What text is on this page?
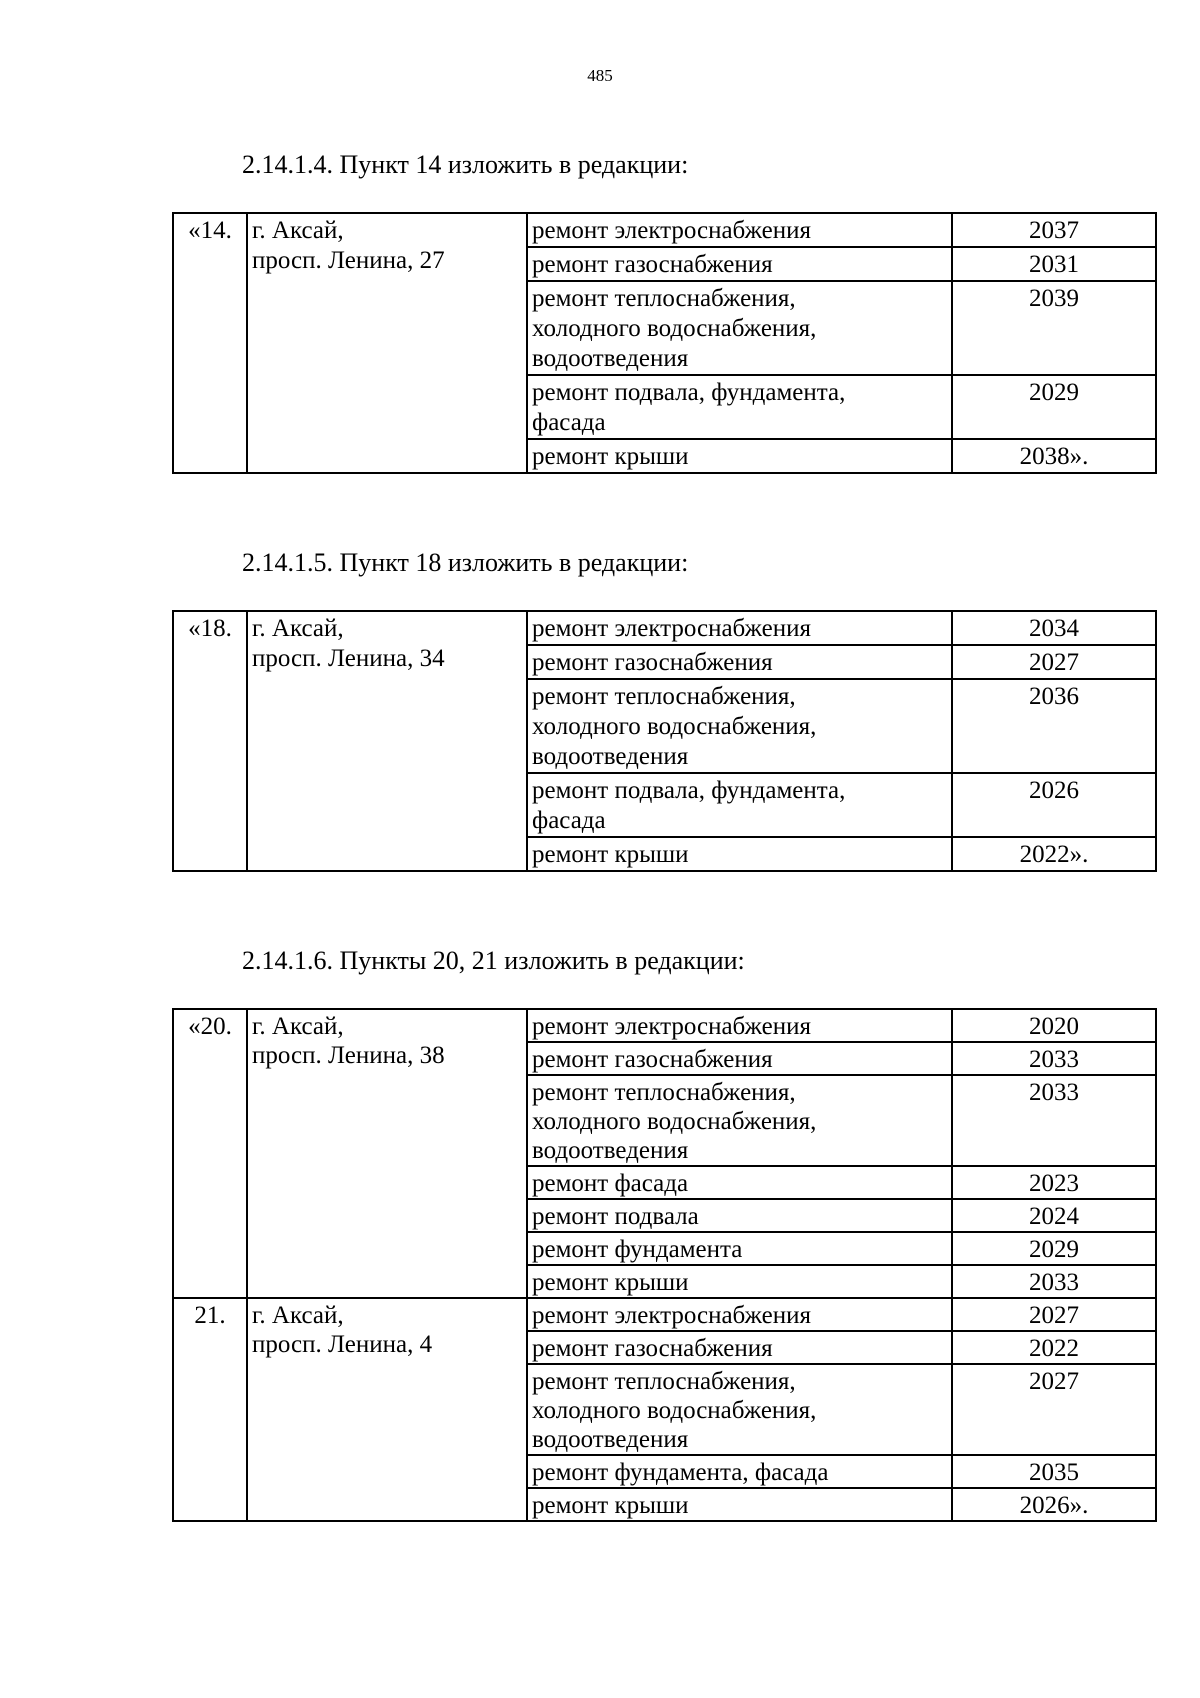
485
2.14.1.4. Пункт 14 изложить в редакции:
«14.	г. Аксай,
просп. Ленина, 27	ремонт электроснабжения	2037
		ремонт газоснабжения	2031
		ремонт теплоснабжения,
холодного водоснабжения,
водоотведения	2039
		ремонт подвала, фундамента,
фасада	2029
		ремонт крыши	2038».
2.14.1.5. Пункт 18 изложить в редакции:
«18.	г. Аксай,
просп. Ленина, 34	ремонт электроснабжения	2034
		ремонт газоснабжения	2027
		ремонт теплоснабжения,
холодного водоснабжения,
водоотведения	2036
		ремонт подвала, фундамента,
фасада	2026
		ремонт крыши	2022».
2.14.1.6. Пункты 20, 21 изложить в редакции:
«20.	г. Аксай,
просп. Ленина, 38	ремонт электроснабжения	2020
		ремонт газоснабжения	2033
		ремонт теплоснабжения,
холодного водоснабжения,
водоотведения	2033
		ремонт фасада	2023
		ремонт подвала	2024
		ремонт фундамента	2029
		ремонт крыши	2033
21.	г. Аксай,
просп. Ленина, 4	ремонт электроснабжения	2027
		ремонт газоснабжения	2022
		ремонт теплоснабжения,
холодного водоснабжения,
водоотведения	2027
		ремонт фундамента, фасада	2035
		ремонт крыши	2026».
